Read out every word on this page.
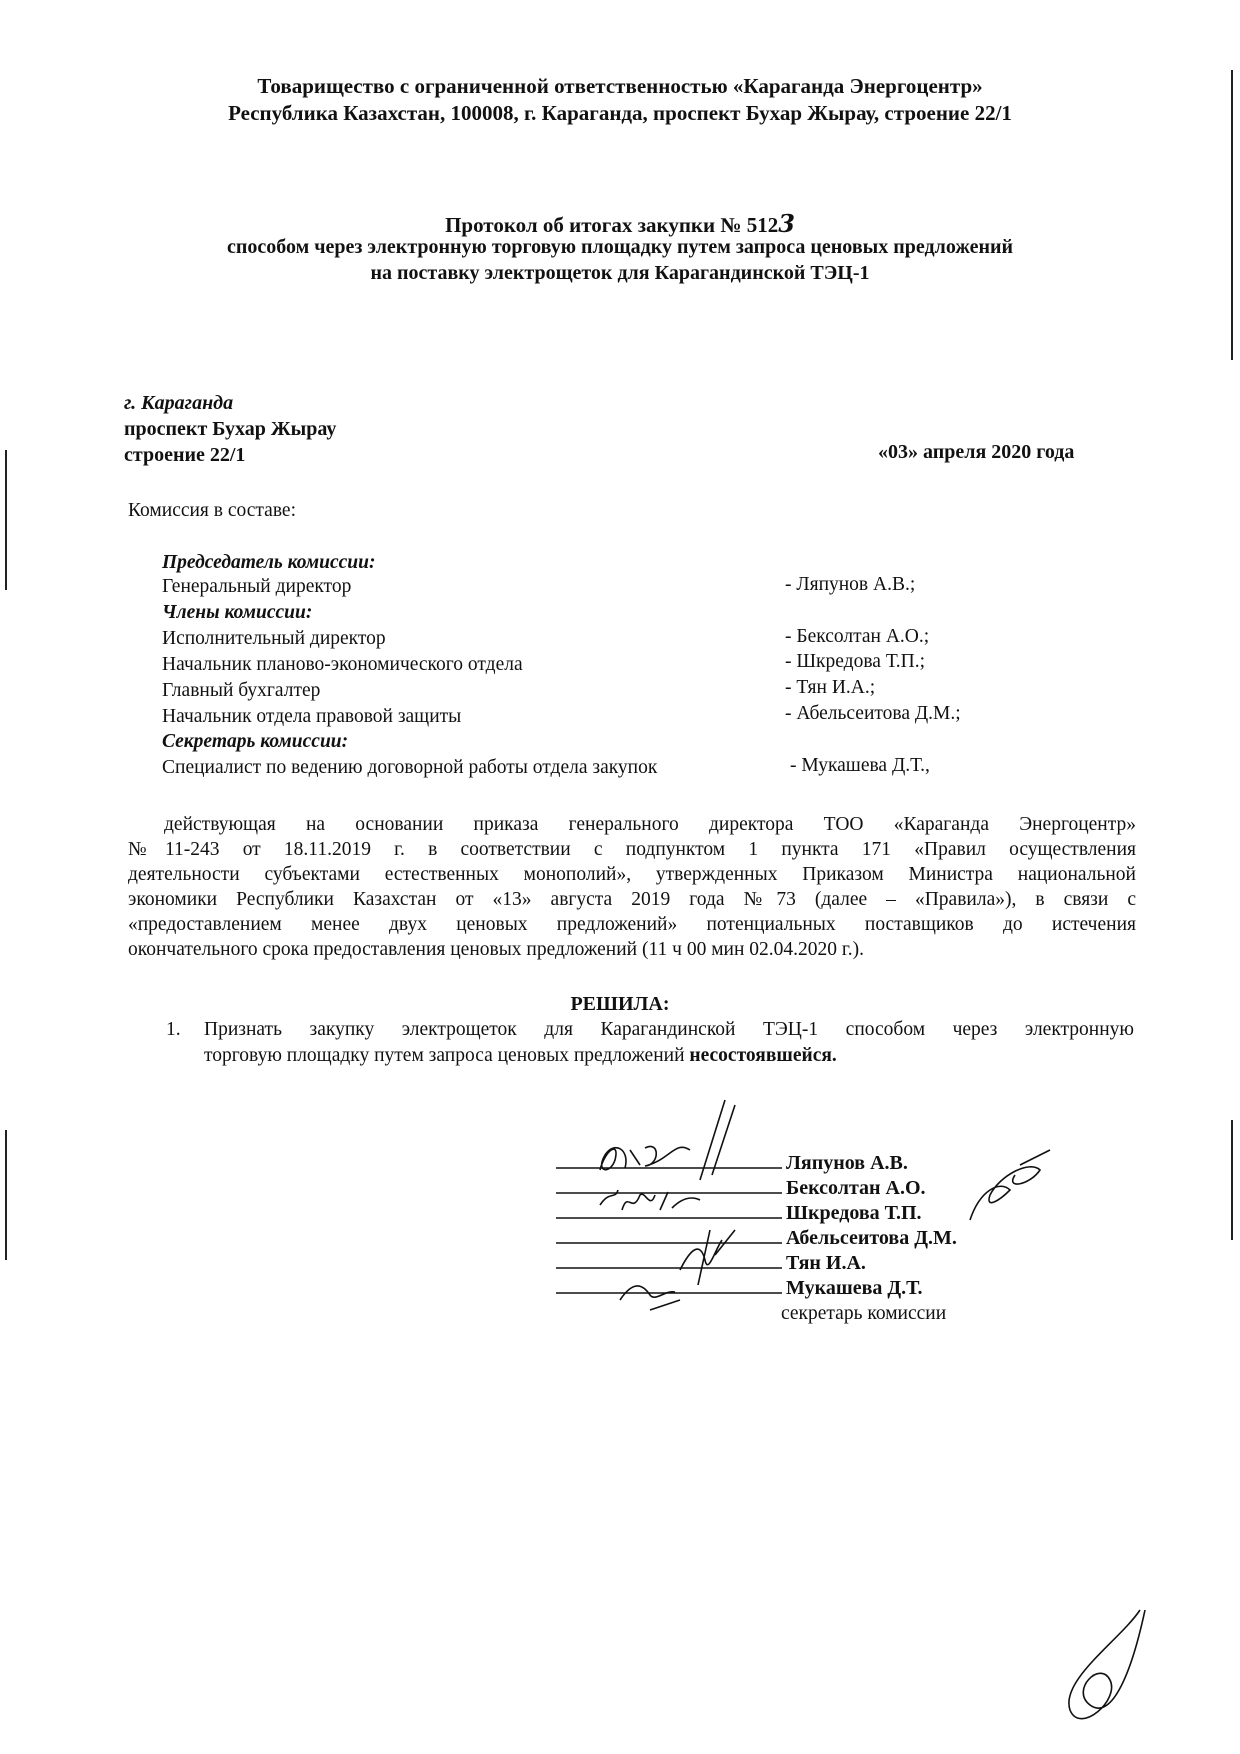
Товарищество с ограниченной ответственностью «Караганда Энергоцентр»
Республика Казахстан, 100008, г. Караганда, проспект Бухар Жырау, строение 22/1
Протокол об итогах закупки № 5123
способом через электронную торговую площадку путем запроса ценовых предложений
на поставку электрощеток для Карагандинской ТЭЦ-1
г. Караганда
проспект Бухар Жырау
строение 22/1	«03» апреля 2020 года
Комиссия в составе:
Председатель комиссии:
Генеральный директор	- Ляпунов А.В.;
Члены комиссии:
Исполнительный директор	- Бексолтан А.О.;
Начальник планово-экономического отдела	- Шкредова Т.П.;
Главный бухгалтер	- Тян И.А.;
Начальник отдела правовой защиты	- Абельсеитова Д.М.;
Секретарь комиссии:
Специалист по ведению договорной работы отдела закупок	- Мукашева Д.Т.,
действующая на основании приказа генерального директора ТОО «Караганда Энергоцентр»
№11-243 от 18.11.2019 г. в соответствии с подпунктом 1 пункта 171 «Правил осуществления
деятельности субъектами естественных монополий», утвержденных Приказом Министра национальной
экономики Республики Казахстан от «13» августа 2019 года №73 (далее – «Правила»), в связи с
«предоставлением менее двух ценовых предложений» потенциальных поставщиков до истечения
окончательного срока предоставления ценовых предложений (11 ч 00 мин 02.04.2020 г.).
РЕШИЛА:
1. Признать закупку электрощеток для Карагандинской ТЭЦ-1 способом через электронную
торговую площадку путем запроса ценовых предложений несостоявшейся.
Ляпунов А.В.
Бексолтан А.О.
Шкредова Т.П.
Абельсеитова Д.М.
Тян И.А.
Мукашева Д.Т.
секретарь комиссии
